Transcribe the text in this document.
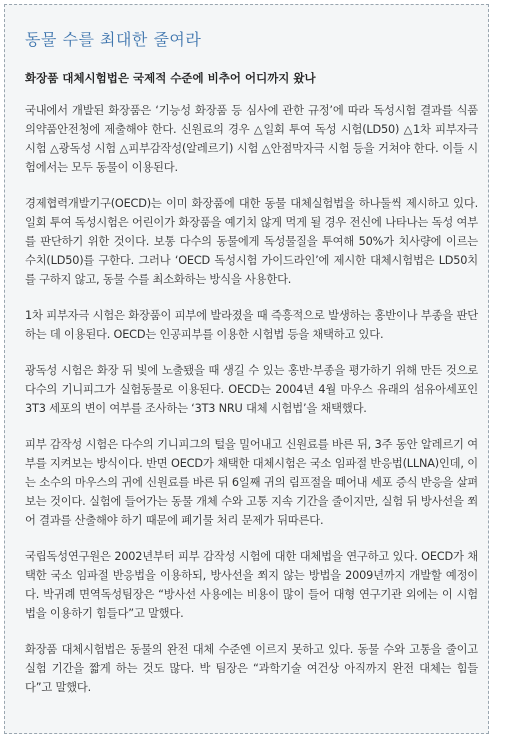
동물 수를 최대한 줄여라
화장품 대체시험법은 국제적 수준에 비추어 어디까지 왔나

국내에서 개발된 화장품은 ‘기능성 화장품 등 심사에 관한 규정’에 따라 독성시험 결과를 식품의약품안전청에 제출해야 한다. 신원료의 경우 △일회 투여 독성 시험(LD50) △1차 피부자극 시험 △광독성 시험 △피부감작성(알레르기) 시험 △안점막자극 시험 등을 거쳐야 한다. 이들 시험에서는 모두 동물이 이용된다.

경제협력개발기구(OECD)는 이미 화장품에 대한 동물 대체실험법을 하나둘씩 제시하고 있다. 일회 투여 독성시험은 어린이가 화장품을 예기치 않게 먹게 될 경우 전신에 나타나는 독성 여부를 판단하기 위한 것이다. 보통 다수의 동물에게 독성물질을 투여해 50%가 치사량에 이르는 수치(LD50)를 구한다. 그러나 ‘OECD 독성시험 가이드라인’에 제시한 대체시험법은 LD50치를 구하지 않고, 동물 수를 최소화하는 방식을 사용한다.

1차 피부자극 시험은 화장품이 피부에 발라졌을 때 즉흥적으로 발생하는 홍반이나 부종을 판단하는 데 이용된다. OECD는 인공피부를 이용한 시험법 등을 채택하고 있다.

광독성 시험은 화장 뒤 빛에 노출됐을 때 생길 수 있는 홍반·부종을 평가하기 위해 만든 것으로 다수의 기니피그가 실험동물로 이용된다. OECD는 2004년 4월 마우스 유래의 섬유아세포인 3T3 세포의 변이 여부를 조사하는 ‘3T3 NRU 대체 시험법’을 채택했다.

피부 감작성 시험은 다수의 기니피그의 털을 밀어내고 신원료를 바른 뒤, 3주 동안 알레르기 여부를 지켜보는 방식이다. 반면 OECD가 채택한 대체시험은 국소 임파절 반응법(LLNA)인데, 이는 소수의 마우스의 귀에 신원료를 바른 뒤 6일째 귀의 림프절을 떼어내 세포 증식 반응을 살펴보는 것이다. 실험에 들어가는 동물 개체 수와 고통 지속 기간을 줄이지만, 실험 뒤 방사선을 쬐어 결과를 산출해야 하기 때문에 폐기물 처리 문제가 뒤따른다.

국립독성연구원은 2002년부터 피부 감작성 시험에 대한 대체법을 연구하고 있다. OECD가 채택한 국소 임파절 반응법을 이용하되, 방사선을 쬐지 않는 방법을 2009년까지 개발할 예정이다. 박귀례 면역독성팀장은 “방사선 사용에는 비용이 많이 들어 대형 연구기관 외에는 이 시험법을 이용하기 힘들다”고 말했다.

화장품 대체시험법은 동물의 완전 대체 수준엔 이르지 못하고 있다. 동물 수와 고통을 줄이고 실험 기간을 짧게 하는 것도 많다. 박 팀장은 “과학기술 여건상 아직까지 완전 대체는 힘들다”고 말했다.
